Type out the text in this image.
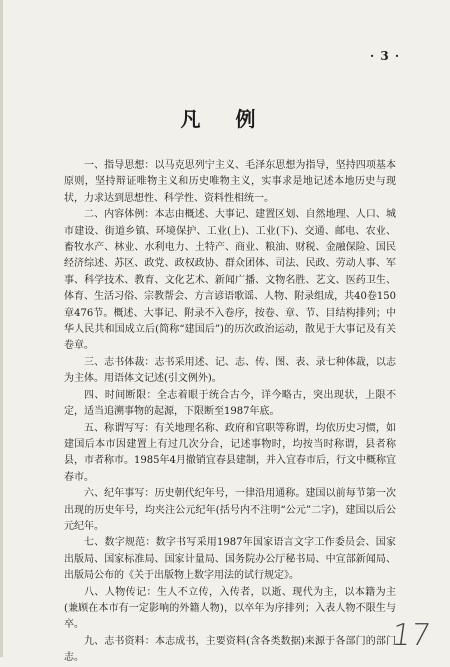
· 3 ·
凡 例

一、指导思想：以马克思列宁主义、毛泽东思想为指导，坚持四项基本原则，坚持辩证唯物主义和历史唯物主义，实事求是地记述本地历史与现状，力求达到思想性、科学性、资料性相统一。

二、内容体例：本志由概述、大事记、建置区划、自然地理、人口、城市建设、街道乡镇、环境保护、工业(上)、工业(下)、交通、邮电、农业、畜牧水产、林业、水利电力、土特产、商业、粮油、财税、金融保险、国民经济综述、苏区、政党、政权政协、群众团体、司法、民政、劳动人事、军事、科学技术、教育、文化艺术、新闻广播、文物名胜、艺文、医药卫生、体育、生活习俗、宗教帮会、方言谚语歌谣、人物、附录组成，共40卷150章476节。概述、大事记、附录不入卷序，按卷、章、节、目结构排列；中华人民共和国成立后(简称“建国后”)的历次政治运动，散见于大事记及有关卷章。

三、志书体裁：志书采用述、记、志、传、图、表、录七种体裁，以志为主体。用语体文记述(引文例外)。

四、时间断限：全志着眼于统合古今，详今略古，突出现状，上限不定，适当追溯事物的起源，下限断至1987年底。

五、称谓写写：有关地理名称、政府和官职等称谓，均依历史习惯，如建国后本市因建置上有过几次分合，记述事物时，均按当时称谓，县者称县，市者称市。1985年4月撤销宜春县建制，并入宜春市后，行文中概称宜春市。

六、纪年事写：历史朝代纪年号，一律沿用通称。建国以前每节第一次出现的历史年号，均夹注公元纪年(括号内不注明“公元”二字)，建国以后公元纪年。

七、数字规范：数字书写采用1987年国家语言文字工作委员会、国家出版局、国家标准局、国家计量局、国务院办公厅秘书局、中宣部新闻局、出版局公布的《关于出版物上数字用法的试行规定》。

八、人物传记：生人不立传，入传者，以逝、现代为主，以本籍为主(兼顾在本市有一定影响的外籍人物)，以卒年为序排列；入表人物不限生与卒。

九、志书资料：本志成书，主要资料(含各类数据)来源于各部门的部门志。

17
